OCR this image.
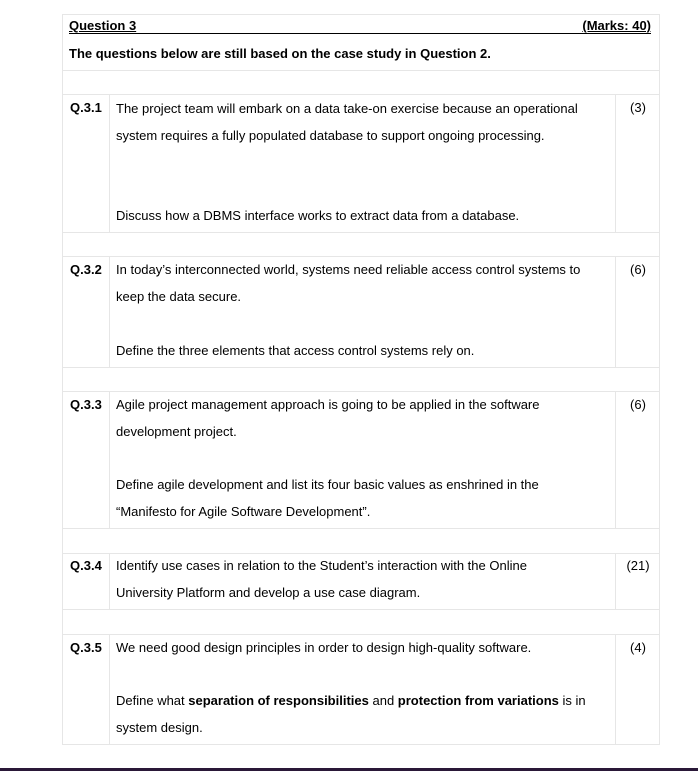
Question 3	(Marks: 40)
The questions below are still based on the case study in Question 2.
Q.3.1 The project team will embark on a data take-on exercise because an operational
system requires a fully populated database to support ongoing processing.
Discuss how a DBMS interface works to extract data from a database.
(3)
Q.3.2 In today’s interconnected world, systems need reliable access control systems to
keep the data secure.
Define the three elements that access control systems rely on.
(6)
Q.3.3 Agile project management approach is going to be applied in the software
development project.
Define agile development and list its four basic values as enshrined in the
“Manifesto for Agile Software Development”.
(6)
Q.3.4 Identify use cases in relation to the Student’s interaction with the Online
University Platform and develop a use case diagram.
(21)
Q.3.5 We need good design principles in order to design high-quality software.
Define what separation of responsibilities and protection from variations is in
system design.
(4)
